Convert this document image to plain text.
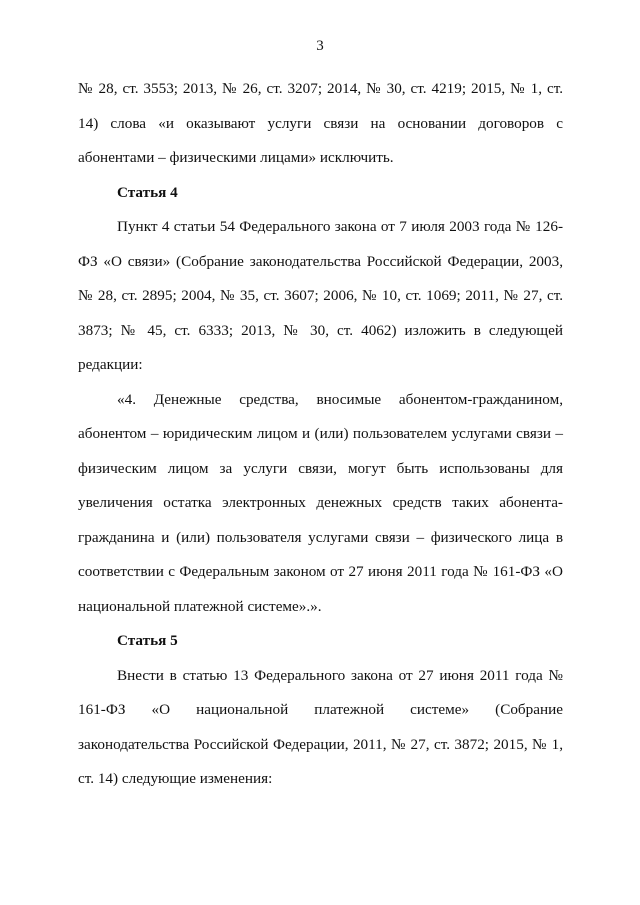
3

№ 28, ст. 3553; 2013, № 26, ст. 3207; 2014, № 30, ст. 4219; 2015, № 1, ст. 14) слова «и оказывают услуги связи на основании договоров с абонентами – физическими лицами» исключить.

Статья 4

Пункт 4 статьи 54 Федерального закона от 7 июля 2003 года № 126-ФЗ «О связи» (Собрание законодательства Российской Федерации, 2003, № 28, ст. 2895; 2004, № 35, ст. 3607; 2006, № 10, ст. 1069; 2011, № 27, ст. 3873; № 45, ст. 6333; 2013, № 30, ст. 4062) изложить в следующей редакции:

«4. Денежные средства, вносимые абонентом-гражданином, абонентом – юридическим лицом и (или) пользователем услугами связи – физическим лицом за услуги связи, могут быть использованы для увеличения остатка электронных денежных средств таких абонента-гражданина и (или) пользователя услугами связи – физического лица в соответствии с Федеральным законом от 27 июня 2011 года № 161-ФЗ «О национальной платежной системе».».

Статья 5

Внести в статью 13 Федерального закона от 27 июня 2011 года № 161-ФЗ «О национальной платежной системе» (Собрание законодательства Российской Федерации, 2011, № 27, ст. 3872; 2015, № 1, ст. 14) следующие изменения:
